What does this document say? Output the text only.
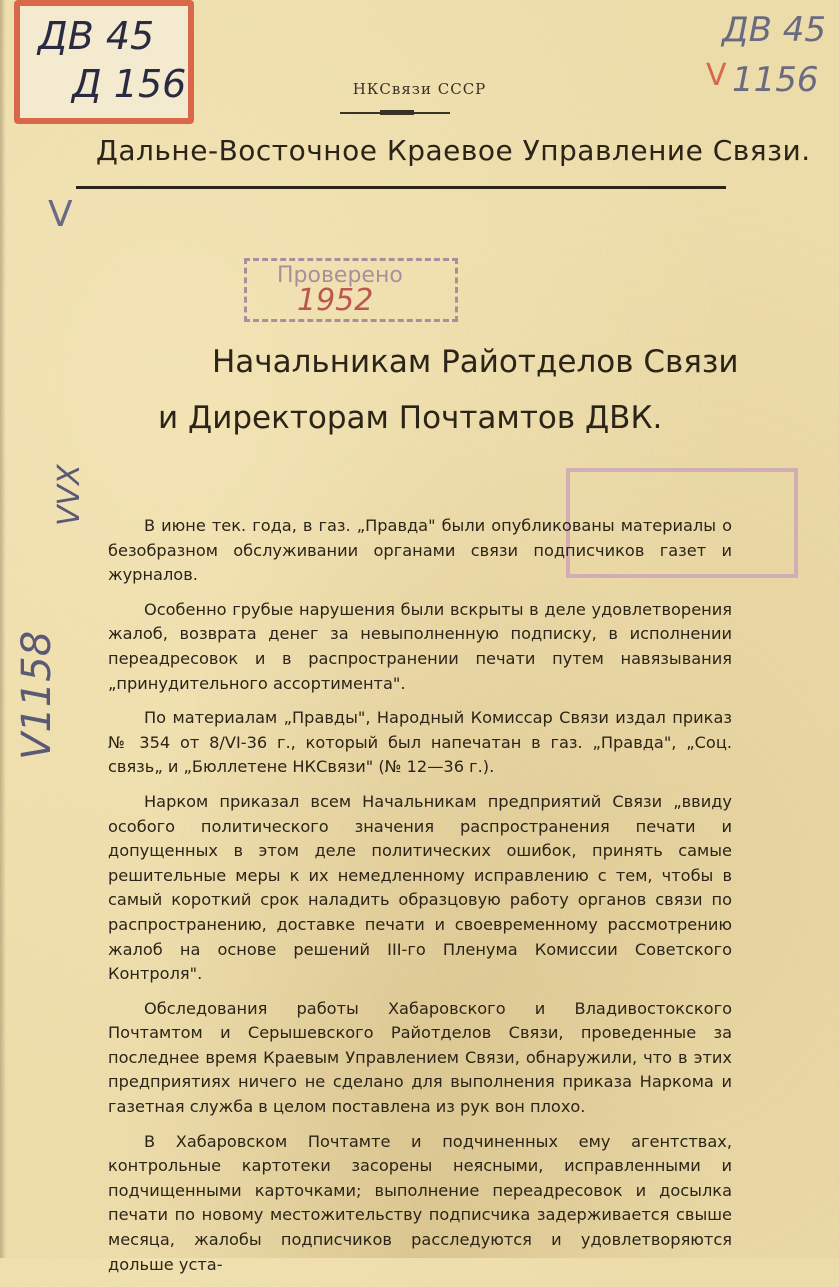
ДВ 45
Д 156	V
ДВ 45
1156
НКСвязи СССР
Дальне-Восточное Краевое Управление Связи.
Проверено
1952
Начальникам Райотделов Связи
и Директорам Почтамтов ДВК.
V1158
VVX
V

В июне тек. года, в газ. „Правда" были опубликованы материалы о безобразном обслуживании органами связи подписчиков газет и журналов.

Особенно грубые нарушения были вскрыты в деле удовлетворения жалоб, возврата денег за невыполненную подписку, в исполнении переадресовок и в распространении печати путем навязывания „принудительного ассортимента".

По материалам „Правды", Народный Комиссар Связи издал приказ № 354 от 8/VI-36 г., который был напечатан в газ. „Правда", „Соц. связь„ и „Бюллетене НКСвязи" (№ 12—36 г.).

Нарком приказал всем Начальникам предприятий Связи „ввиду особого политического значения распространения печати и допущенных в этом деле политических ошибок, принять самые решительные меры к их немедленному исправлению с тем, чтобы в самый короткий срок наладить образцовую работу органов связи по распространению, доставке печати и своевременному рассмотрению жалоб на основе решений III-го Пленума Комиссии Советского Контроля".

Обследования работы Хабаровского и Владивостокского Почтамтом и Серышевского Райотделов Связи, проведенные за последнее время Краевым Управлением Связи, обнаружили, что в этих предприятиях ничего не сделано для выполнения приказа Наркома и газетная служба в целом поставлена из рук вон плохо.

В Хабаровском Почтамте и подчиненных ему агентствах, контрольные картотеки засорены неясными, исправленными и подчищенными карточками; выполнение переадресовок и досылка печати по новому местожительству подписчика задерживается свыше месяца, жалобы подписчиков расследуются и удовлетворяются дольше уста-
